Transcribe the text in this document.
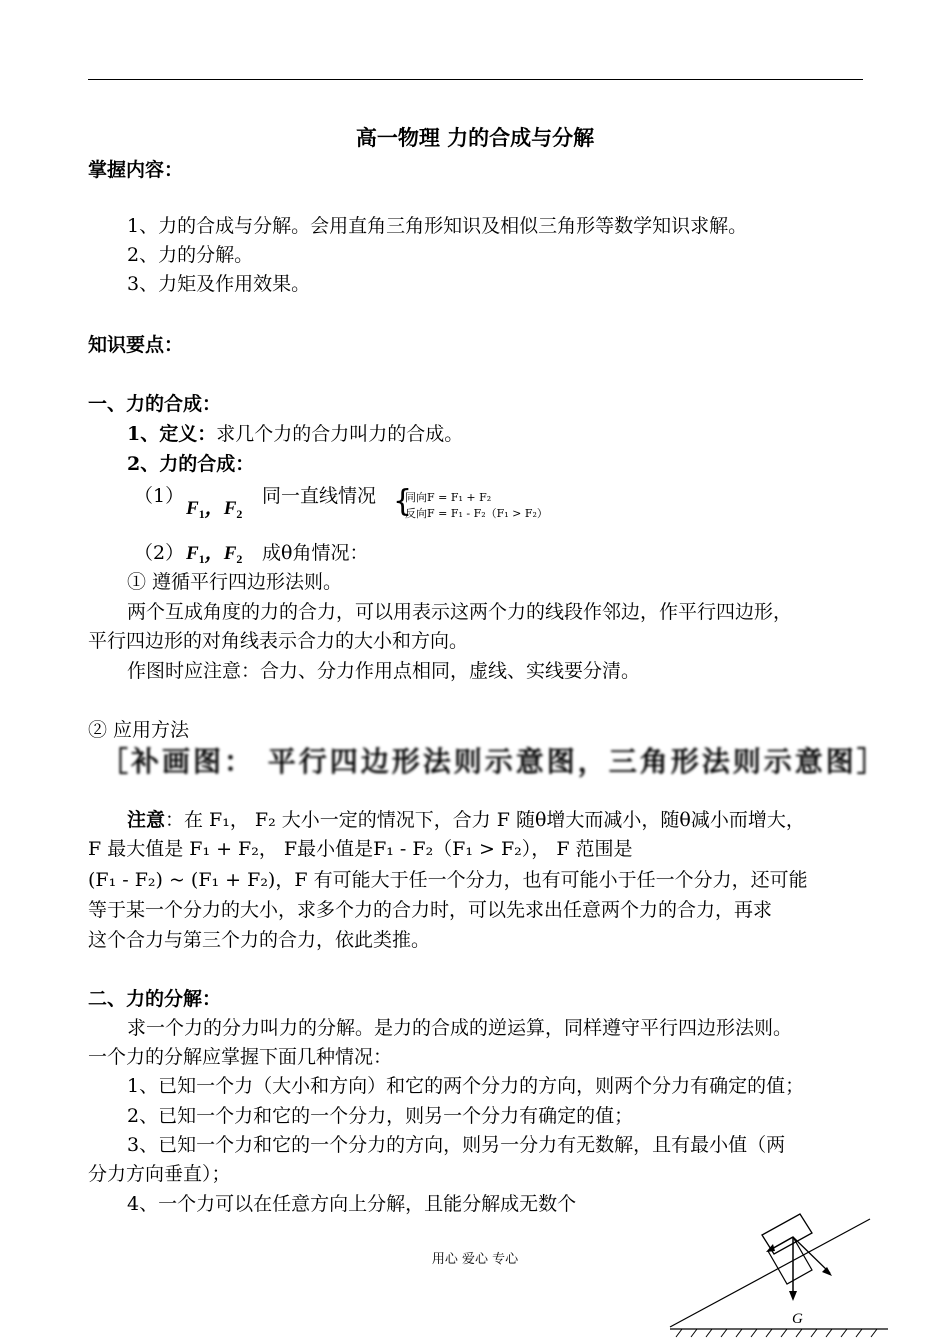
高一物理 力的合成与分解
掌握内容：
1、力的合成与分解。会用直角三角形知识及相似三角形等数学知识求解。
2、力的分解。
3、力矩及作用效果。
知识要点：
一、力的合成：
1、定义：求几个力的合力叫力的合成。
2、力的合成：
（1）
$F_1$，$F_2$
同一直线情况 {
同向F = F₁ + F₂
反向F = F₁ - F₂（F₁ > F₂）
（2） $F_1$，$F_2$ 成θ角情况：
① 遵循平行四边形法则。
两个互成角度的力的合力，可以用表示这两个力的线段作邻边，作平行四边形，
平行四边形的对角线表示合力的大小和方向。
作图时应注意：合力、分力作用点相同，虚线、实线要分清。
② 应用方法
［补画图： 平行四边形法则示意图，三角形法则示意图］
注意：在 F₁， F₂ 大小一定的情况下，合力 F 随θ增大而减小，随θ减小而增大，
F 最大值是 F₁ + F₂， F最小值是F₁ - F₂（F₁ > F₂）， F 范围是
(F₁ - F₂) ~ (F₁ + F₂)，F 有可能大于任一个分力，也有可能小于任一个分力，还可能
等于某一个分力的大小，求多个力的合力时，可以先求出任意两个力的合力，再求
这个合力与第三个力的合力，依此类推。
二、力的分解：
求一个力的分力叫力的分解。是力的合成的逆运算，同样遵守平行四边形法则。
一个力的分解应掌握下面几种情况：
1、已知一个力（大小和方向）和它的两个分力的方向，则两个分力有确定的值；
2、已知一个力和它的一个分力，则另一个分力有确定的值；
3、已知一个力和它的一个分力的方向，则另一分力有无数解，且有最小值（两
分力方向垂直）；
4、一个力可以在任意方向上分解，且能分解成无数个
用心 爱心 专心
G
